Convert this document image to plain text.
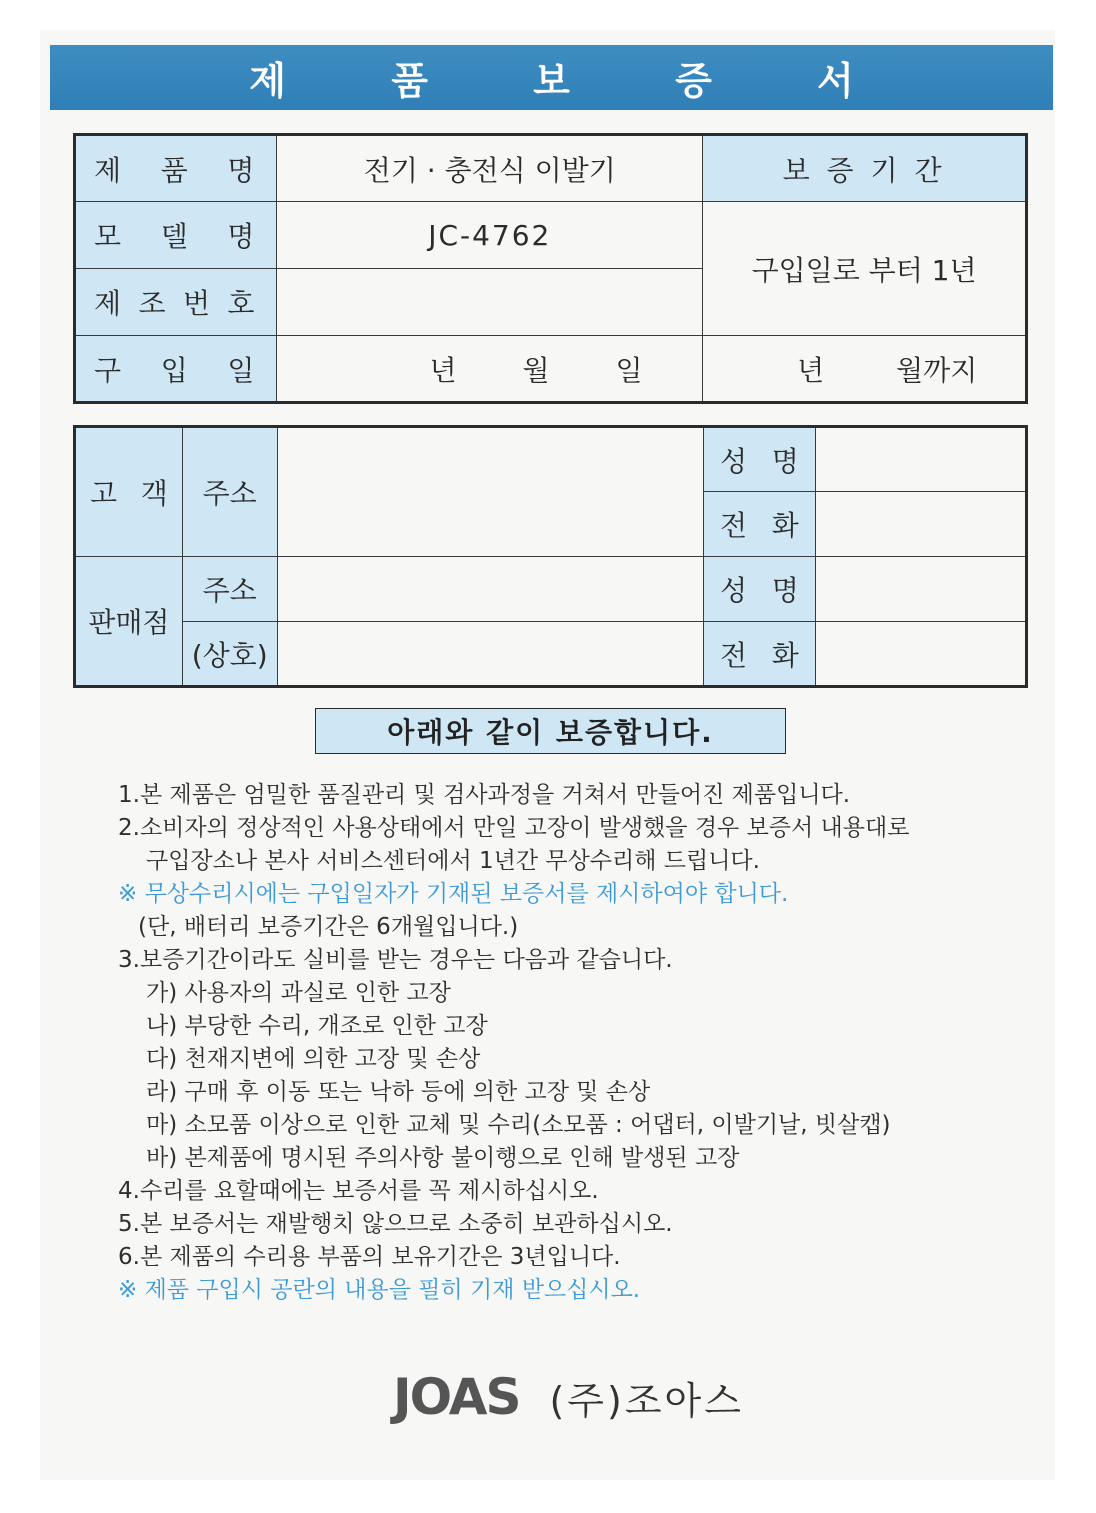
제 품 보 증 서
제 품 명	전기 · 충전식 이발기	보 증 기 간
모 델 명	JC-4762	구입일로 부터 1년
제 조 번 호		
구 입 일	년 월 일	년 월까지
고 객	주소		성 명	
			전 화	
판매점	주소		성 명	
	(상호)		전 화	
아래와 같이 보증합니다.
1.본 제품은 엄밀한 품질관리 및 검사과정을 거쳐서 만들어진 제품입니다.
2.소비자의 정상적인 사용상태에서 만일 고장이 발생했을 경우 보증서 내용대로
구입장소나 본사 서비스센터에서 1년간 무상수리해 드립니다.
※ 무상수리시에는 구입일자가 기재된 보증서를 제시하여야 합니다.
(단, 배터리 보증기간은 6개월입니다.)
3.보증기간이라도 실비를 받는 경우는 다음과 같습니다.
가) 사용자의 과실로 인한 고장
나) 부당한 수리, 개조로 인한 고장
다) 천재지변에 의한 고장 및 손상
라) 구매 후 이동 또는 낙하 등에 의한 고장 및 손상
마) 소모품 이상으로 인한 교체 및 수리(소모품 : 어댑터, 이발기날, 빗살캡)
바) 본제품에 명시된 주의사항 불이행으로 인해 발생된 고장
4.수리를 요할때에는 보증서를 꼭 제시하십시오.
5.본 보증서는 재발행치 않으므로 소중히 보관하십시오.
6.본 제품의 수리용 부품의 보유기간은 3년입니다.
※ 제품 구입시 공란의 내용을 필히 기재 받으십시오.
JOAS (주)조아스
